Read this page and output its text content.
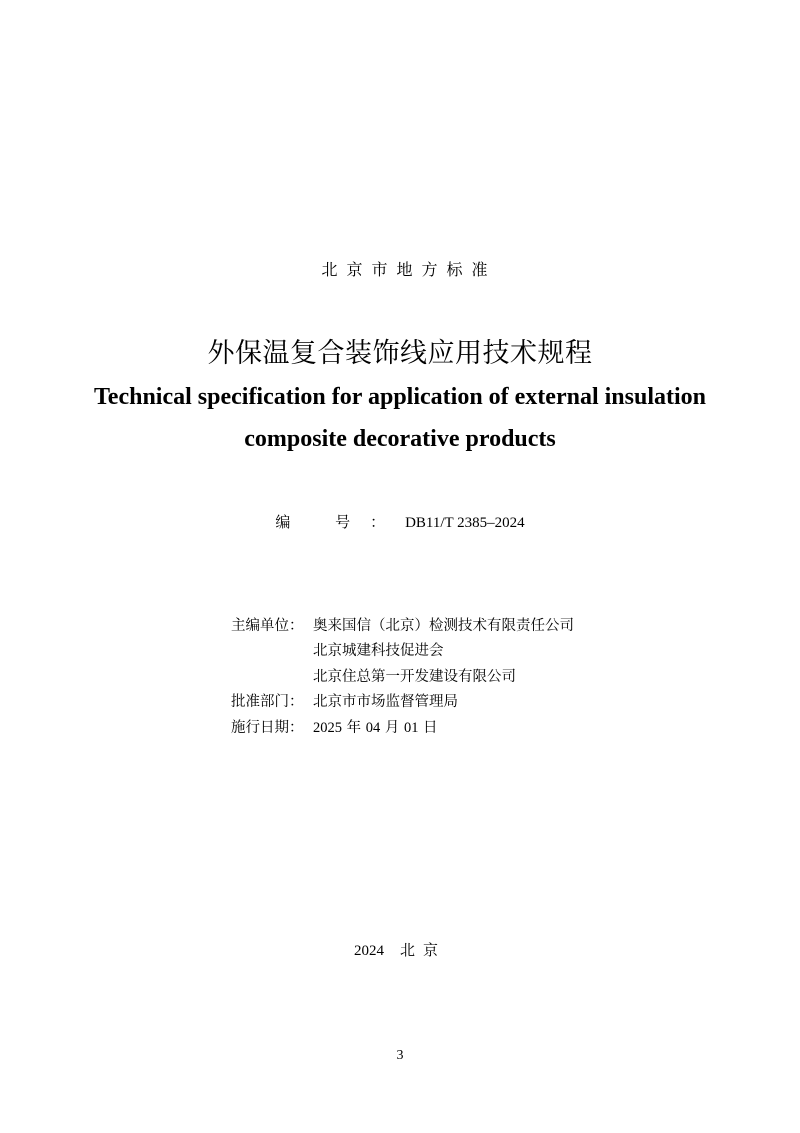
北京市地方标准
外保温复合装饰线应用技术规程
Technical specification for application of external insulation
composite decorative products
编 号：DB11/T 2385–2024
主编单位： 奥来国信（北京）检测技术有限责任公司
北京城建科技促进会
北京住总第一开发建设有限公司
批准部门： 北京市市场监督管理局
施行日期： 2025 年 04 月 01 日
2024 北京
3
